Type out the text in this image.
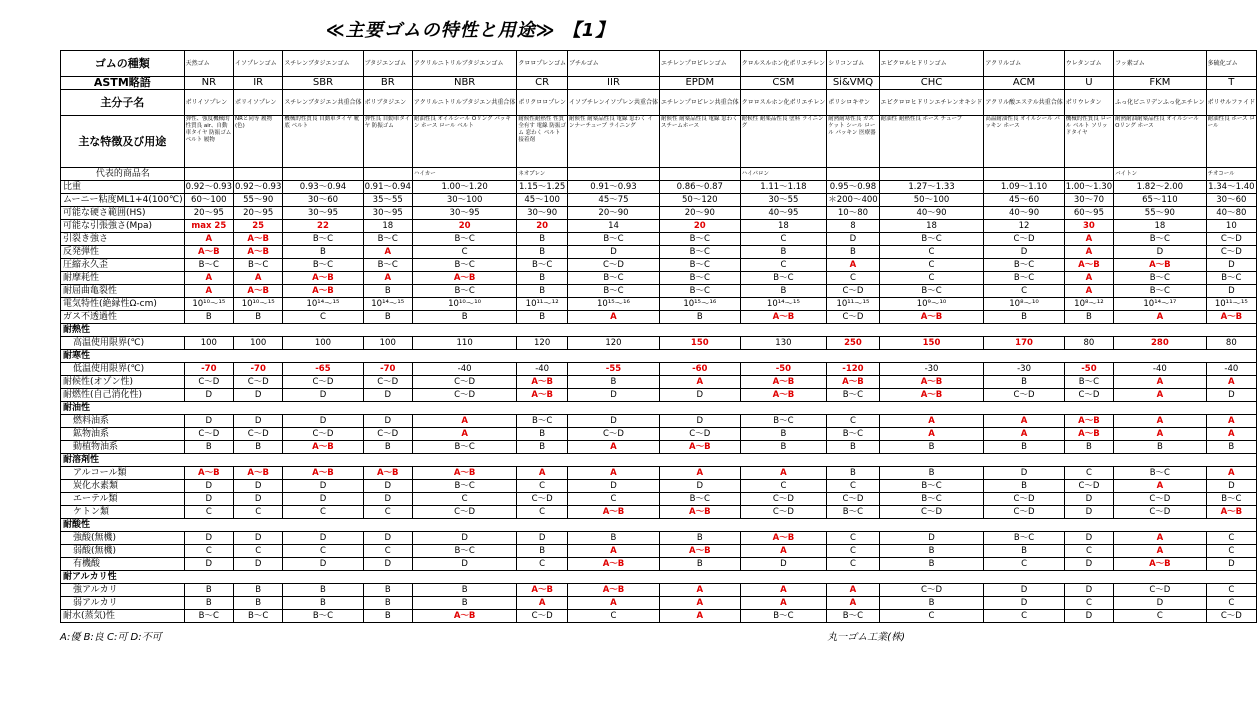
≪主要ゴムの特性と用途≫ 【1】
ゴムの種類	天然ゴム	イソプレンゴム	スチレンブタジエンゴム	ブタジエンゴム	アクリルニトリルブタジエンゴム	クロロプレンゴム	ブチルゴム	エチレンプロピレンゴム	クロルスルホン化ポリエチレン	シリコンゴム	エピクロルヒドリンゴム	アクリルゴム	ウレタンゴム	フッ素ゴム	多硫化ゴム
ASTM略語	NR	IR	SBR	BR	NBR	CR	IIR	EPDM	CSM	Si&VMQ	CHC	ACM	U	FKM	T
主分子名	ポリイソプレン	ポリイソプレン	スチレンブタジエン共重合体	ポリブタジエン	アクリルニトリルブタジエン共重合体	ポリクロロプレン	イソブチレンイソプレン共重合体	エチレンプロピレン共重合体	クロロスルホン化ポリエチレン	ポリシロキサン	エピクロロヒドリンエチレンオキシド	アクリル酸エステル共重合体	ポリウレタン	ふっ化ビニリデンふっ化エチレン	ポリサルファイド
主な特徴及び用途	弾性、強度機械的性質良 air、自動車タイヤ 防振ゴム ベルト 履物	NRと同等 履物(色)	機械的性質良 自動車タイヤ 靴底 ベルト	弾性良 自動車タイヤ 防振ゴム	耐油性良 オイルシール Oリング パッキン ホース ロール ベルト	耐候性耐熱性 性質全有す 電線 防振ゴム 窓わく ベルト 接着剤	耐候性 耐薬品性良 電線 窓わく インナーチューブ ライニング	耐候性 耐薬品性良 電線 窓わく スチームホース	耐候性 耐薬品性良 塗料 ライニング	耐熱耐寒性良 ガスケット シール ロール パッキン 医療器	耐油性 耐熱性良 ホース チューブ	高温耐油性良 オイルシール パッキン ホース	機械的性質良 ロール ベルト ソリッドタイヤ	耐熱耐油耐薬品性良 オイルシール Oリング ホース	耐油性良 ホース ロール
代表的商品名					ハイカー	ネオプレン			ハイパロン					バイトン	チオコール
比重	0.92～0.93	0.92～0.93	0.93～0.94	0.91～0.94	1.00～1.20	1.15～1.25	0.91～0.93	0.86～0.87	1.11～1.18	0.95～0.98	1.27～1.33	1.09～1.10	1.00～1.30	1.82～2.00	1.34～1.40
ムーニー粘度ML1+4(100℃)	60～100	55～90	30～60	35～55	30～100	45～100	45～75	50～120	30～55	＊200～400	50～100	45～60	30～70	65～110	30～60
可能な硬さ範囲(HS)	20～95	20～95	30～95	30～95	30～95	30～90	20～90	20～90	40～95	10～80	40～90	40～90	60～95	55～90	40～80
可能な引張強さ(Mpa)	max 25	25	22	18	20	20	14	20	18	8	18	12	30	18	10
引裂き強さ	A	A～B	B～C	B～C	B～C	B	B～C	B～C	C	D	B～C	C～D	A	B～C	C～D
反発弾性	A～B	A～B	B	A	C	B	D	B～C	B	B	C	D	A	D	C～D
圧縮永久歪	B～C	B～C	B～C	B～C	B～C	B～C	C～D	B～C	C	A	C	B～C	A～B	A～B	D
耐摩耗性	A	A	A～B	A	A～B	B	B～C	B～C	B～C	C	C	B～C	A	B～C	B～C
耐屈曲亀裂性	A	A～B	A～B	B	B～C	B	B～C	B～C	B	C～D	B～C	C	A	B～C	D
電気特性(絶縁性Ω-cm)	10¹⁰～¹⁵	10¹⁰～¹⁵	10¹⁴～¹⁵	10¹⁴～¹⁵	10¹⁰～¹⁰	10¹¹～¹²	10¹⁵～¹⁶	10¹⁵～¹⁶	10¹⁴～¹⁵	10¹¹～¹⁵	10⁹～¹⁰	10⁸～¹⁰	10⁸～¹²	10¹⁴～¹⁷	10¹¹～¹⁵
ガス不透過性	B	B	C	B	B	B	A	B	A～B	C～D	A～B	B	B	A	A～B
耐熱性															
高温使用限界(℃)	100	100	100	100	110	120	120	150	130	250	150	170	80	280	80
耐寒性															
低温使用限界(℃)	-70	-70	-65	-70	-40	-40	-55	-60	-50	-120	-30	-30	-50	-40	-40
耐候性(オゾン性)	C～D	C～D	C～D	C～D	C～D	A～B	B	A	A～B	A～B	A～B	B	B～C	A	A
耐燃性(自己消化性)	D	D	D	D	C～D	A～B	D	D	A～B	B～C	A～B	C～D	C～D	A	D
耐油性															
燃料油系	D	D	D	D	A	B～C	D	D	B～C	C	A	A	A～B	A	A
鉱物油系	C～D	C～D	C～D	C～D	A	B	C～D	C～D	B	B～C	A	A	A～B	A	A
動植物油系	B	B	A～B	B	B～C	B	A	A～B	B	B	B	B	B	B	B
耐溶剤性															
アルコール類	A～B	A～B	A～B	A～B	A～B	A	A	A	A	B	B	D	C	B～C	A
炭化水素類	D	D	D	D	B～C	C	D	D	C	C	B～C	B	C～D	A	D
エーテル類	D	D	D	D	C	C～D	C	B～C	C～D	C～D	B～C	C～D	D	C～D	B～C
ケトン類	C	C	C	C	C～D	C	A～B	A～B	C～D	B～C	C～D	C～D	D	C～D	A～B
耐酸性															
強酸(無機)	D	D	D	D	D	D	B	B	A～B	C	D	B～C	D	A	C
弱酸(無機)	C	C	C	C	B～C	B	A	A～B	A	C	B	B	C	A	C
有機酸	D	D	D	D	D	C	A～B	B	D	C	B	C	D	A～B	D
耐アルカリ性															
強アルカリ	B	B	B	B	B	A～B	A～B	A	A	A	C～D	D	D	C～D	C
弱アルカリ	B	B	B	B	B	A	A	A	A	A	B	D	C	D	C
耐水(蒸気)性	B～C	B～C	B～C	B	A～B	C～D	C	A	B～C	B～C	C	C	D	C	C～D
A:優 B:良 C:可 D:不可	丸一ゴム工業(株)
